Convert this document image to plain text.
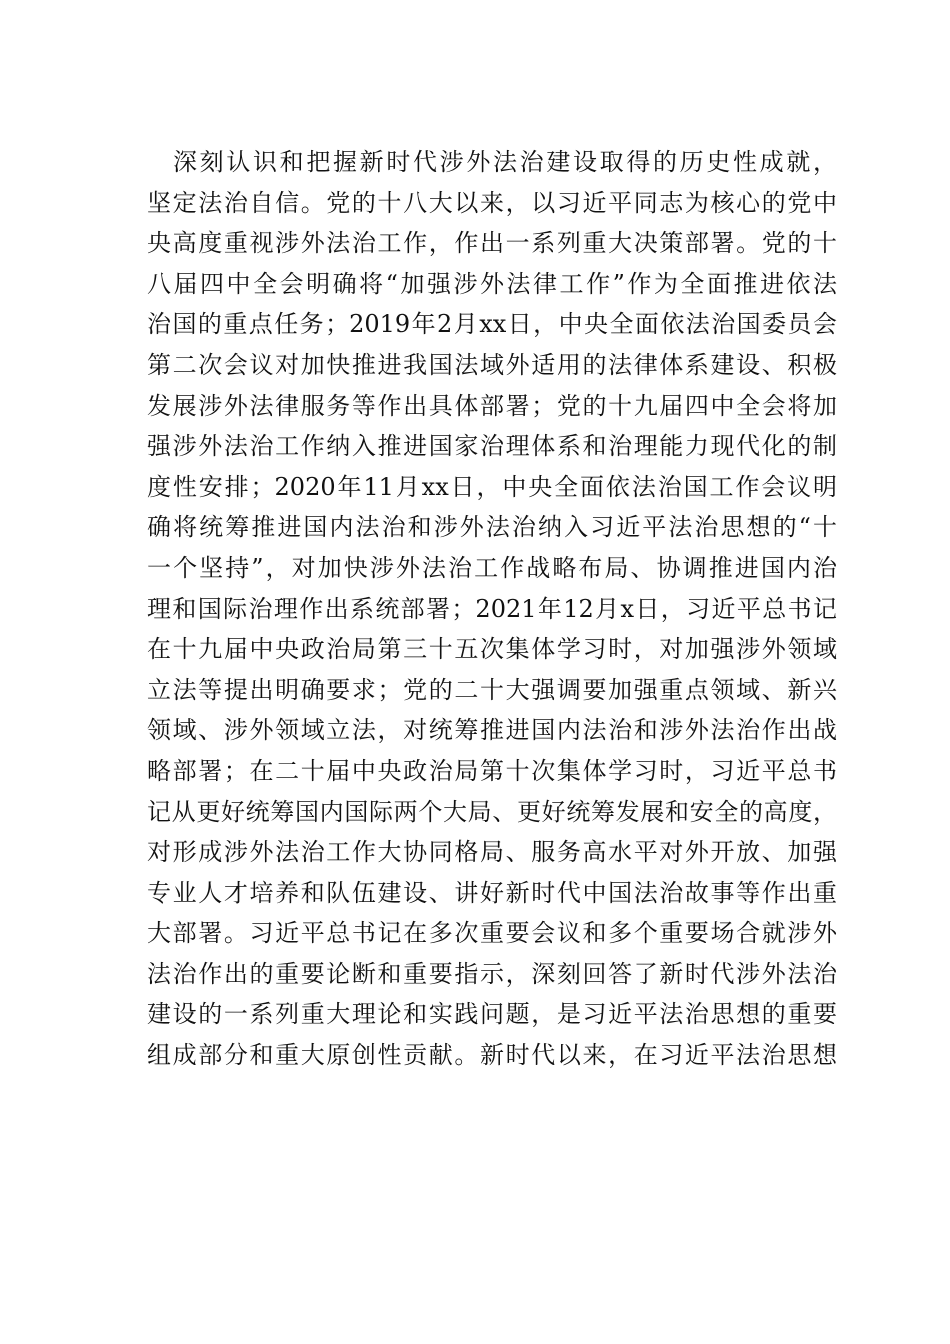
深刻认识和把握新时代涉外法治建设取得的历史性成就，
坚定法治自信。党的十八大以来，以习近平同志为核心的党中
央高度重视涉外法治工作，作出一系列重大决策部署。党的十
八届四中全会明确将“加强涉外法律工作”作为全面推进依法
治国的重点任务；2019年2月xx日，中央全面依法治国委员会
第二次会议对加快推进我国法域外适用的法律体系建设、积极
发展涉外法律服务等作出具体部署；党的十九届四中全会将加
强涉外法治工作纳入推进国家治理体系和治理能力现代化的制
度性安排；2020年11月xx日，中央全面依法治国工作会议明
确将统筹推进国内法治和涉外法治纳入习近平法治思想的“十
一个坚持”，对加快涉外法治工作战略布局、协调推进国内治
理和国际治理作出系统部署；2021年12月x日，习近平总书记
在十九届中央政治局第三十五次集体学习时，对加强涉外领域
立法等提出明确要求；党的二十大强调要加强重点领域、新兴
领域、涉外领域立法，对统筹推进国内法治和涉外法治作出战
略部署；在二十届中央政治局第十次集体学习时，习近平总书
记从更好统筹国内国际两个大局、更好统筹发展和安全的高度，
对形成涉外法治工作大协同格局、服务高水平对外开放、加强
专业人才培养和队伍建设、讲好新时代中国法治故事等作出重
大部署。习近平总书记在多次重要会议和多个重要场合就涉外
法治作出的重要论断和重要指示，深刻回答了新时代涉外法治
建设的一系列重大理论和实践问题，是习近平法治思想的重要
组成部分和重大原创性贡献。新时代以来，在习近平法治思想
